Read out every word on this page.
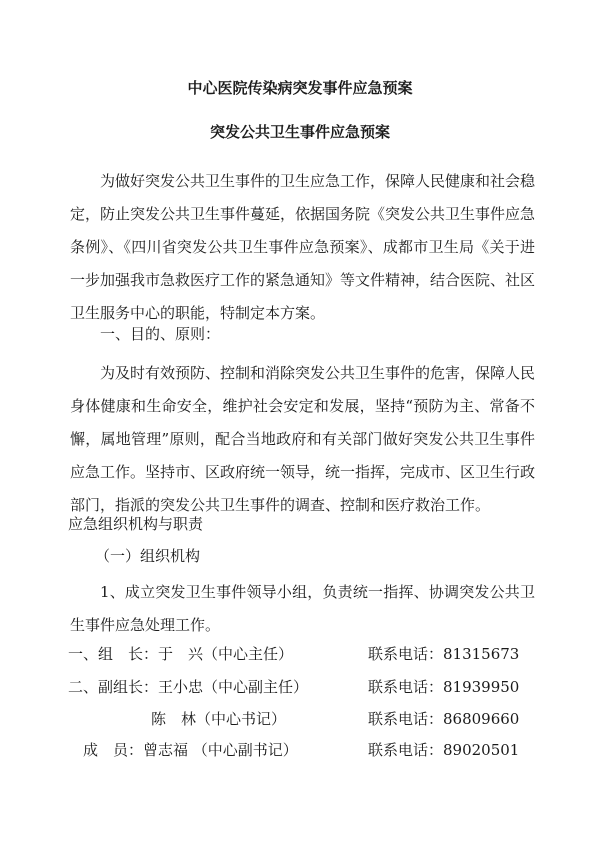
中心医院传染病突发事件应急预案
突发公共卫生事件应急预案
为做好突发公共卫生事件的卫生应急工作，保障人民健康和社会稳定，防止突发公共卫生事件蔓延，依据国务院《突发公共卫生事件应急条例》、《四川省突发公共卫生事件应急预案》、成都市卫生局《关于进一步加强我市急救医疗工作的紧急通知》等文件精神，结合医院、社区卫生服务中心的职能，特制定本方案。
一、目的、原则：
为及时有效预防、控制和消除突发公共卫生事件的危害，保障人民身体健康和生命安全，维护社会安定和发展，坚持“预防为主、常备不懈，属地管理”原则，配合当地政府和有关部门做好突发公共卫生事件应急工作。坚持市、区政府统一领导，统一指挥，完成市、区卫生行政部门，指派的突发公共卫生事件的调查、控制和医疗救治工作。
应急组织机构与职责
（一）组织机构
1、成立突发卫生事件领导小组，负责统一指挥、协调突发公共卫生事件应急处理工作。
一、组　长：于　兴（中心主任）	联系电话：81315673
二、副组长：王小忠（中心副主任）	联系电话：81939950
陈　林（中心书记）	联系电话：86809660
　成　员：曾志福 （中心副书记）	联系电话：89020501
